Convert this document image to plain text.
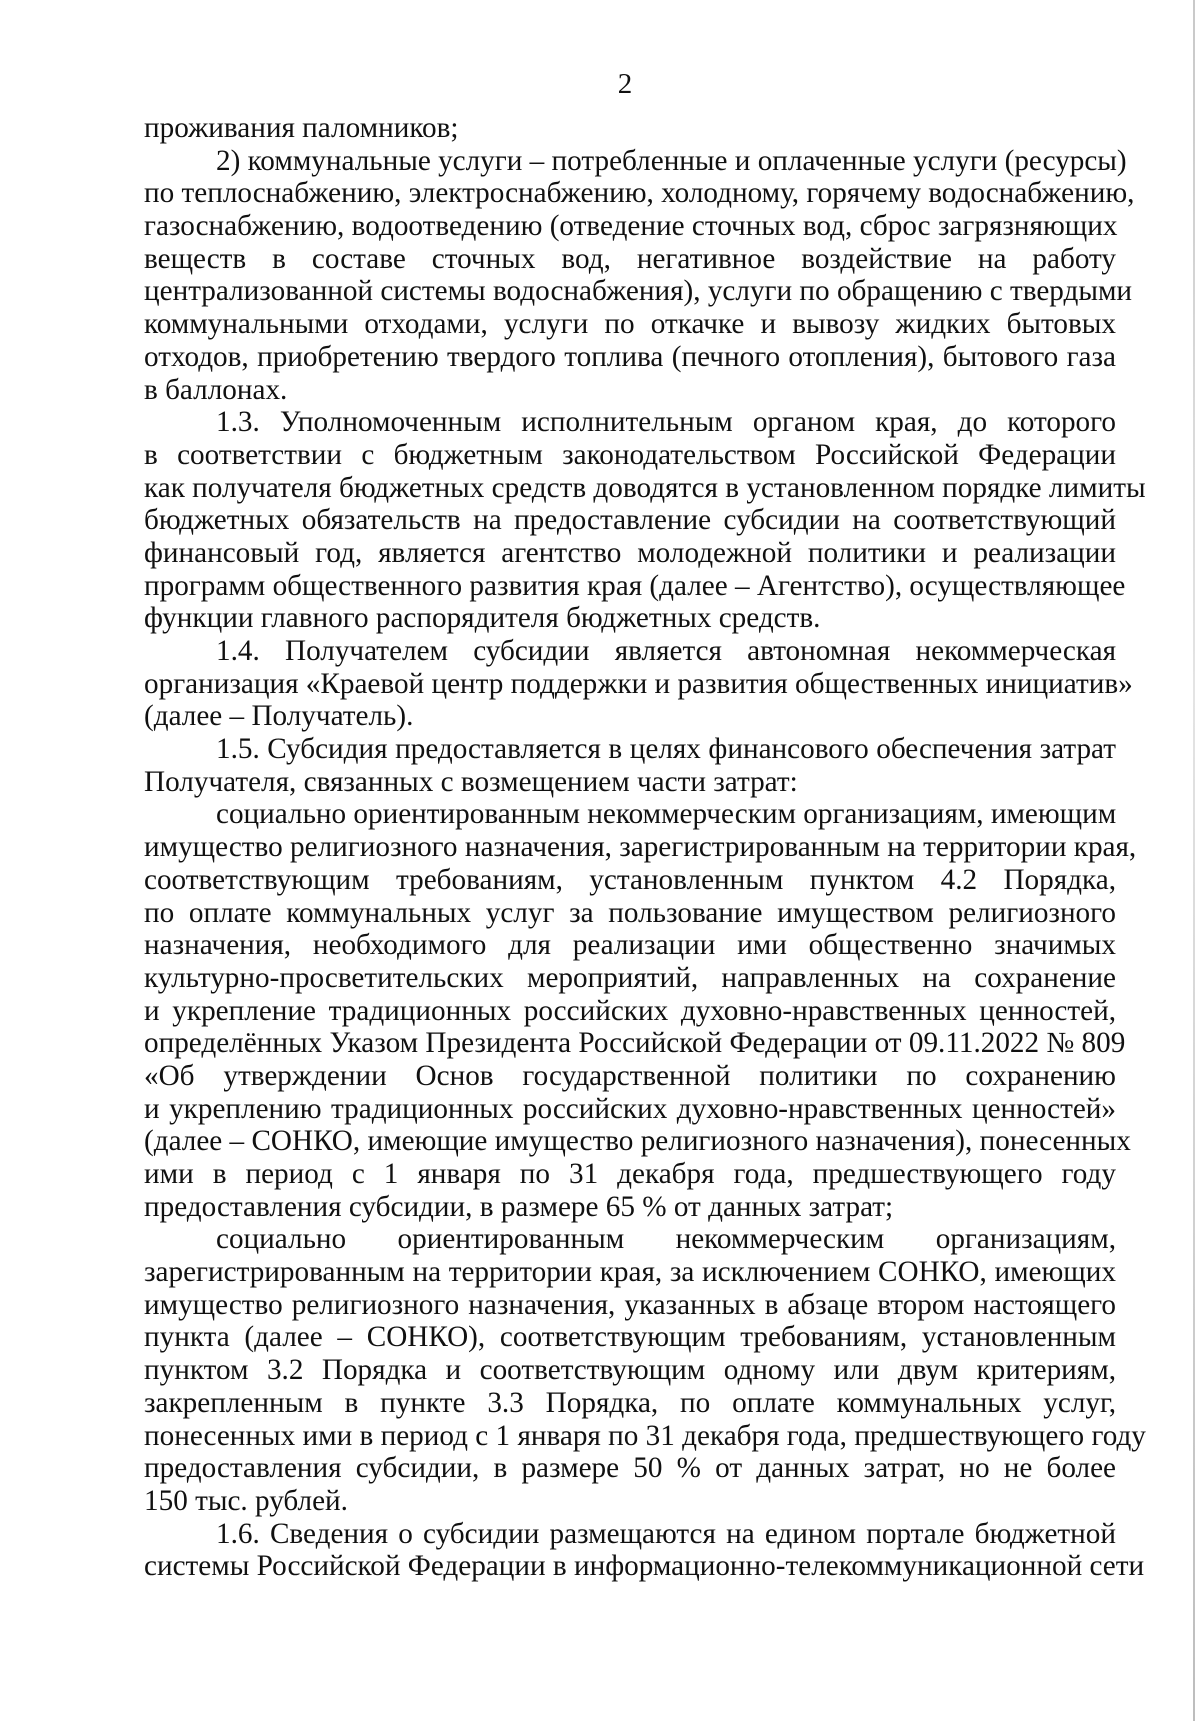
2
проживания паломников;
2) коммунальные услуги – потребленные и оплаченные услуги (ресурсы)
по теплоснабжению, электроснабжению, холодному, горячему водоснабжению,
газоснабжению, водоотведению (отведение сточных вод, сброс загрязняющих
веществ в составе сточных вод, негативное воздействие на работу
централизованной системы водоснабжения), услуги по обращению с твердыми
коммунальными отходами, услуги по откачке и вывозу жидких бытовых
отходов, приобретению твердого топлива (печного отопления), бытового газа
в баллонах.
1.3. Уполномоченным исполнительным органом края, до которого
в соответствии с бюджетным законодательством Российской Федерации
как получателя бюджетных средств доводятся в установленном порядке лимиты
бюджетных обязательств на предоставление субсидии на соответствующий
финансовый год, является агентство молодежной политики и реализации
программ общественного развития края (далее – Агентство), осуществляющее
функции главного распорядителя бюджетных средств.
1.4. Получателем субсидии является автономная некоммерческая
организация «Краевой центр поддержки и развития общественных инициатив»
(далее – Получатель).
1.5. Субсидия предоставляется в целях финансового обеспечения затрат
Получателя, связанных с возмещением части затрат:
социально ориентированным некоммерческим организациям, имеющим
имущество религиозного назначения, зарегистрированным на территории края,
соответствующим требованиям, установленным пунктом 4.2 Порядка,
по оплате коммунальных услуг за пользование имуществом религиозного
назначения, необходимого для реализации ими общественно значимых
культурно-просветительских мероприятий, направленных на сохранение
и укрепление традиционных российских духовно-нравственных ценностей,
определённых Указом Президента Российской Федерации от 09.11.2022 № 809
«Об утверждении Основ государственной политики по сохранению
и укреплению традиционных российских духовно-нравственных ценностей»
(далее – СОНКО, имеющие имущество религиозного назначения), понесенных
ими в период с 1 января по 31 декабря года, предшествующего году
предоставления субсидии, в размере 65 % от данных затрат;
социально ориентированным некоммерческим организациям,
зарегистрированным на территории края, за исключением СОНКО, имеющих
имущество религиозного назначения, указанных в абзаце втором настоящего
пункта (далее – СОНКО), соответствующим требованиям, установленным
пунктом 3.2 Порядка и соответствующим одному или двум критериям,
закрепленным в пункте 3.3 Порядка, по оплате коммунальных услуг,
понесенных ими в период с 1 января по 31 декабря года, предшествующего году
предоставления субсидии, в размере 50 % от данных затрат, но не более
150 тыс. рублей.
1.6. Сведения о субсидии размещаются на едином портале бюджетной
системы Российской Федерации в информационно-телекоммуникационной сети
